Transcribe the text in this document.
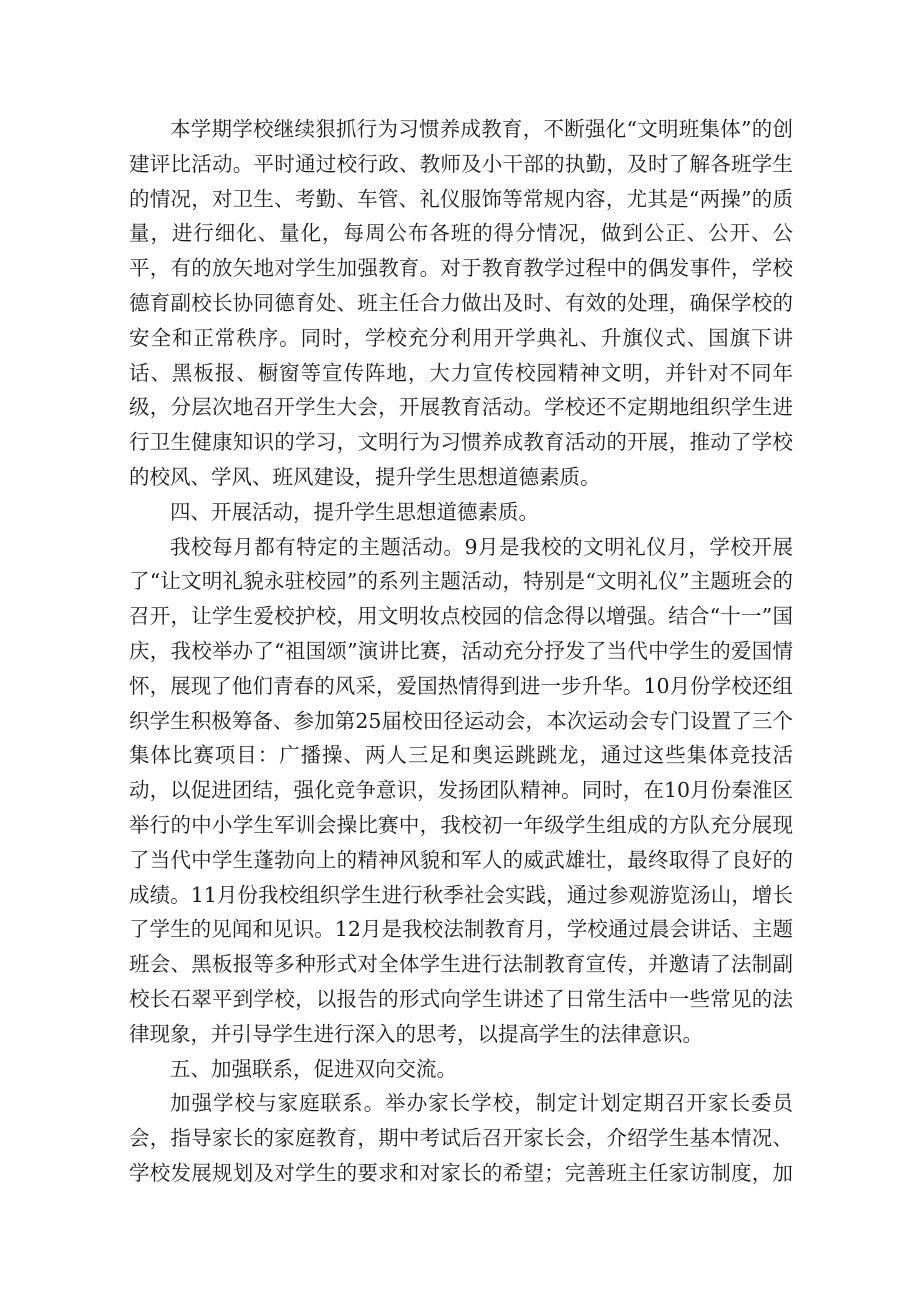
本学期学校继续狠抓行为习惯养成教育，不断强化“文明班集体”的创建评比活动。平时通过校行政、教师及小干部的执勤，及时了解各班学生的情况，对卫生、考勤、车管、礼仪服饰等常规内容，尤其是“两操”的质量，进行细化、量化，每周公布各班的得分情况，做到公正、公开、公平，有的放矢地对学生加强教育。对于教育教学过程中的偶发事件，学校德育副校长协同德育处、班主任合力做出及时、有效的处理，确保学校的安全和正常秩序。同时，学校充分利用开学典礼、升旗仪式、国旗下讲话、黑板报、橱窗等宣传阵地，大力宣传校园精神文明，并针对不同年级，分层次地召开学生大会，开展教育活动。学校还不定期地组织学生进行卫生健康知识的学习，文明行为习惯养成教育活动的开展，推动了学校的校风、学风、班风建设，提升学生思想道德素质。

四、开展活动，提升学生思想道德素质。

我校每月都有特定的主题活动。9月是我校的文明礼仪月，学校开展了“让文明礼貌永驻校园”的系列主题活动，特别是“文明礼仪”主题班会的召开，让学生爱校护校，用文明妆点校园的信念得以增强。结合“十一”国庆，我校举办了“祖国颂”演讲比赛，活动充分抒发了当代中学生的爱国情怀，展现了他们青春的风采，爱国热情得到进一步升华。10月份学校还组织学生积极筹备、参加第25届校田径运动会，本次运动会专门设置了三个集体比赛项目：广播操、两人三足和奥运跳跳龙，通过这些集体竞技活动，以促进团结，强化竞争意识，发扬团队精神。同时，在10月份秦淮区举行的中小学生军训会操比赛中，我校初一年级学生组成的方队充分展现了当代中学生蓬勃向上的精神风貌和军人的威武雄壮，最终取得了良好的成绩。11月份我校组织学生进行秋季社会实践，通过参观游览汤山，增长了学生的见闻和见识。12月是我校法制教育月，学校通过晨会讲话、主题班会、黑板报等多种形式对全体学生进行法制教育宣传，并邀请了法制副校长石翠平到学校，以报告的形式向学生讲述了日常生活中一些常见的法律现象，并引导学生进行深入的思考，以提高学生的法律意识。

五、加强联系，促进双向交流。

加强学校与家庭联系。举办家长学校，制定计划定期召开家长委员会，指导家长的家庭教育，期中考试后召开家长会，介绍学生基本情况、学校发展规划及对学生的要求和对家长的希望；完善班主任家访制度，加
